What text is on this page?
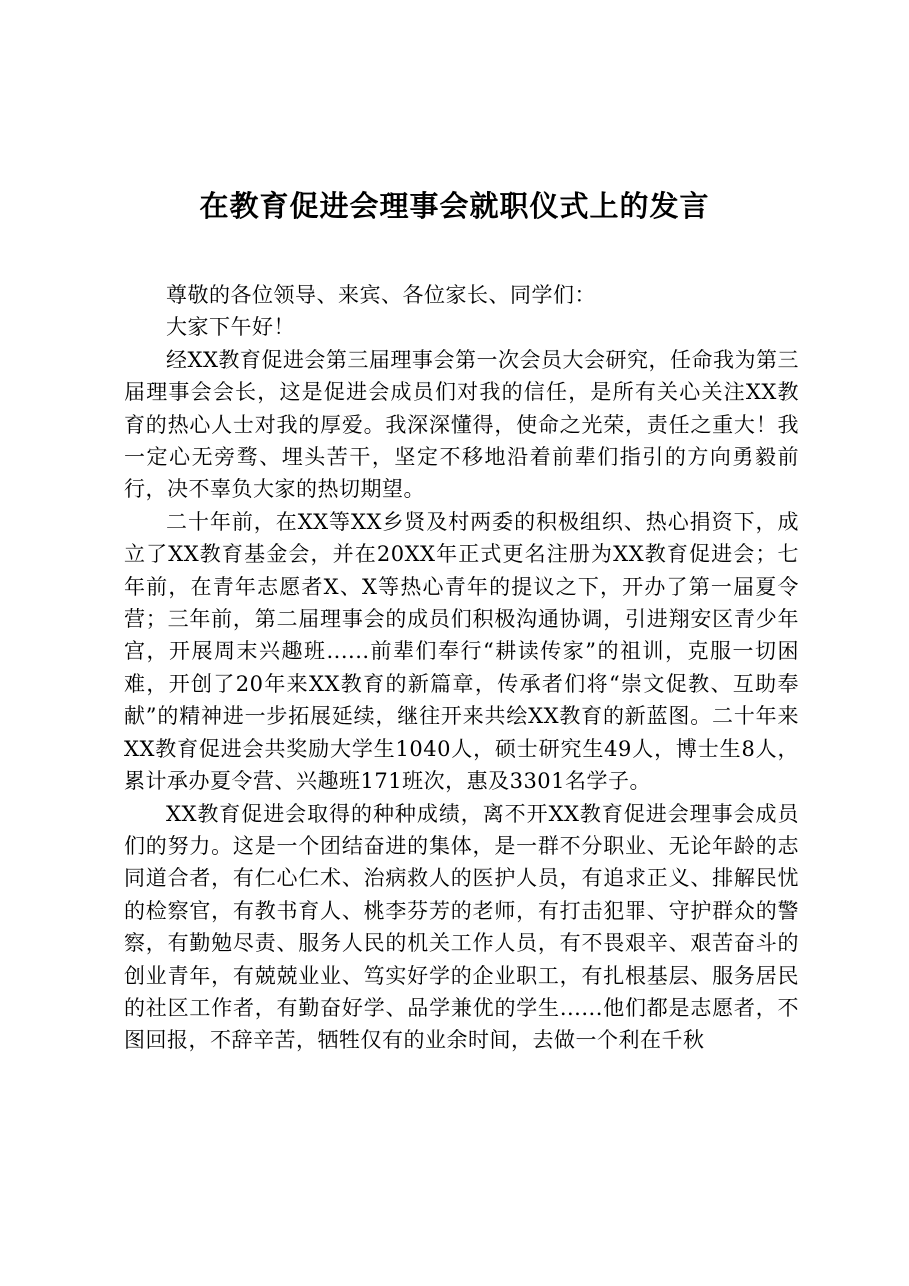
在教育促进会理事会就职仪式上的发言

尊敬的各位领导、来宾、各位家长、同学们：

大家下午好！

经XX教育促进会第三届理事会第一次会员大会研究，任命我为第三届理事会会长，这是促进会成员们对我的信任，是所有关心关注XX教育的热心人士对我的厚爱。我深深懂得，使命之光荣，责任之重大！我一定心无旁骛、埋头苦干，坚定不移地沿着前辈们指引的方向勇毅前行，决不辜负大家的热切期望。

二十年前，在XX等XX乡贤及村两委的积极组织、热心捐资下，成立了XX教育基金会，并在20XX年正式更名注册为XX教育促进会；七年前，在青年志愿者X、X等热心青年的提议之下，开办了第一届夏令营；三年前，第二届理事会的成员们积极沟通协调，引进翔安区青少年宫，开展周末兴趣班......前辈们奉行“耕读传家”的祖训，克服一切困难，开创了20年来XX教育的新篇章，传承者们将“崇文促教、互助奉献”的精神进一步拓展延续，继往开来共绘XX教育的新蓝图。二十年来XX教育促进会共奖励大学生1040人，硕士研究生49人，博士生8人，累计承办夏令营、兴趣班171班次，惠及3301名学子。

XX教育促进会取得的种种成绩，离不开XX教育促进会理事会成员们的努力。这是一个团结奋进的集体，是一群不分职业、无论年龄的志同道合者，有仁心仁术、治病救人的医护人员，有追求正义、排解民忧的检察官，有教书育人、桃李芬芳的老师，有打击犯罪、守护群众的警察，有勤勉尽责、服务人民的机关工作人员，有不畏艰辛、艰苦奋斗的创业青年，有兢兢业业、笃实好学的企业职工，有扎根基层、服务居民的社区工作者，有勤奋好学、品学兼优的学生......他们都是志愿者，不图回报，不辞辛苦，牺牲仅有的业余时间，去做一个利在千秋
